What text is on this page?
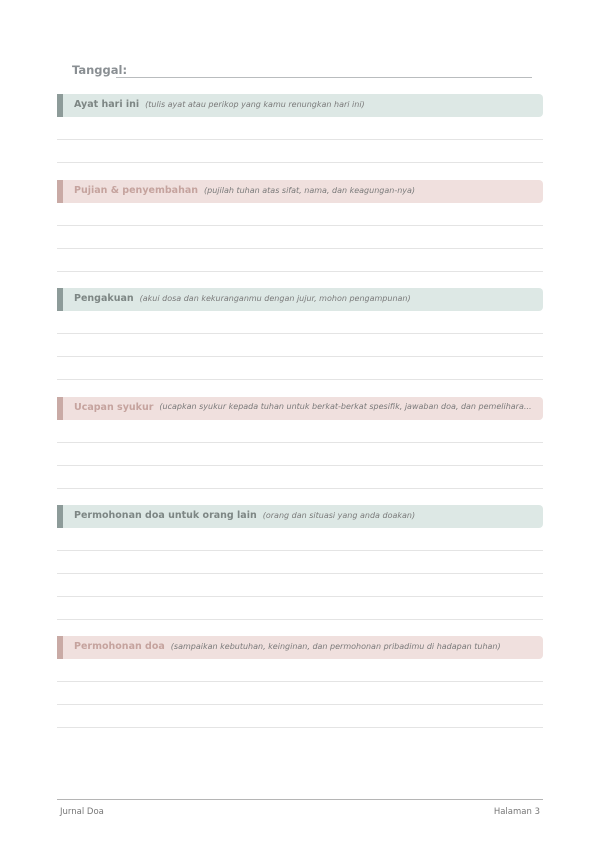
Tanggal:
Ayat hari ini (tulis ayat atau perikop yang kamu renungkan hari ini)
Pujian & penyembahan (pujilah tuhan atas sifat, nama, dan keagungan-nya)
Pengakuan (akui dosa dan kekuranganmu dengan jujur, mohon pengampunan)
Ucapan syukur (ucapkan syukur kepada tuhan untuk berkat-berkat spesifik, jawaban doa, dan pemelihara...
Permohonan doa untuk orang lain (orang dan situasi yang anda doakan)
Permohonan doa (sampaikan kebutuhan, keinginan, dan permohonan pribadimu di hadapan tuhan)
Jurnal Doa	Halaman 3
